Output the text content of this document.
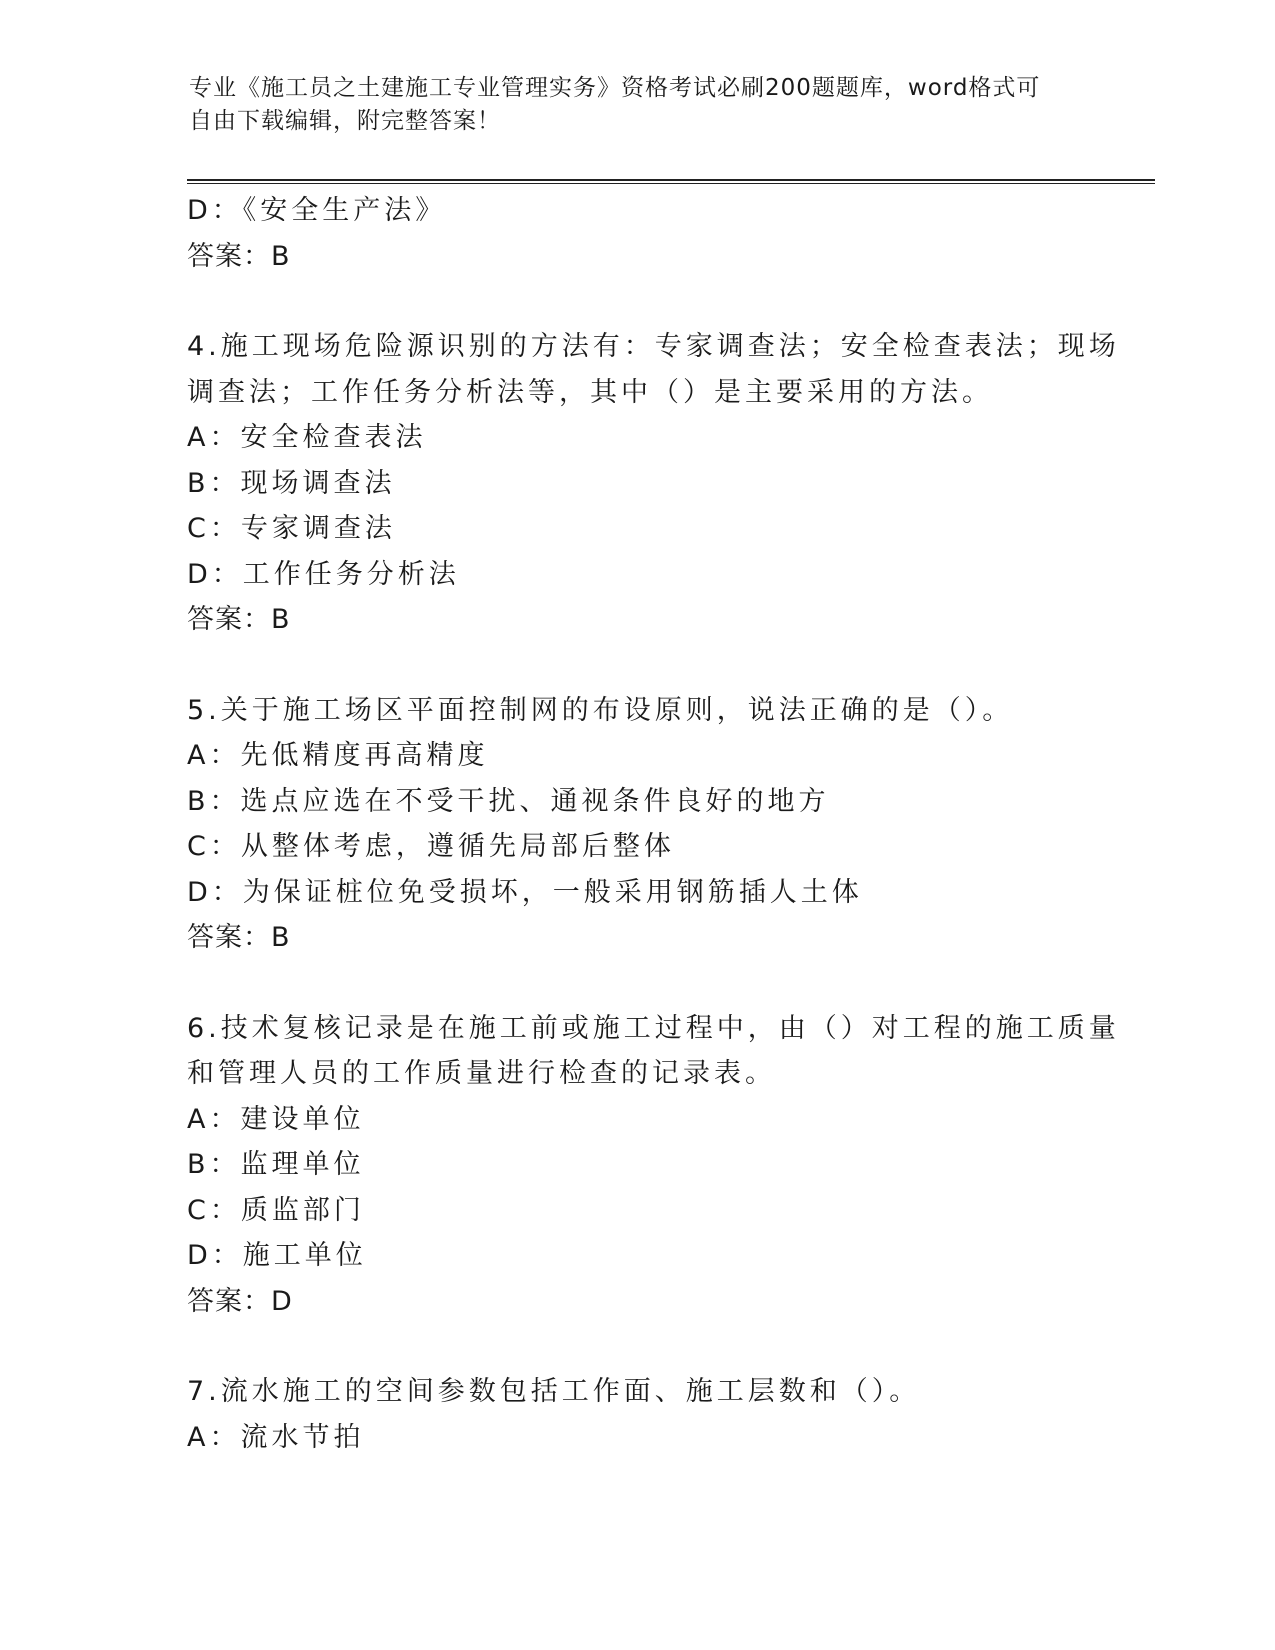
专业《施工员之土建施工专业管理实务》资格考试必刷200题题库，word格式可
自由下载编辑，附完整答案！
D：《安全生产法》
答案：B
4.施工现场危险源识别的方法有：专家调查法；安全检查表法；现场
调查法；工作任务分析法等，其中（）是主要采用的方法。
A：安全检查表法
B：现场调查法
C：专家调查法
D：工作任务分析法
答案：B
5.关于施工场区平面控制网的布设原则，说法正确的是（）。
A：先低精度再高精度
B：选点应选在不受干扰、通视条件良好的地方
C：从整体考虑，遵循先局部后整体
D：为保证桩位免受损坏，一般采用钢筋插人土体
答案：B
6.技术复核记录是在施工前或施工过程中，由（）对工程的施工质量
和管理人员的工作质量进行检查的记录表。
A：建设单位
B：监理单位
C：质监部门
D：施工单位
答案：D
7.流水施工的空间参数包括工作面、施工层数和（）。
A：流水节拍
